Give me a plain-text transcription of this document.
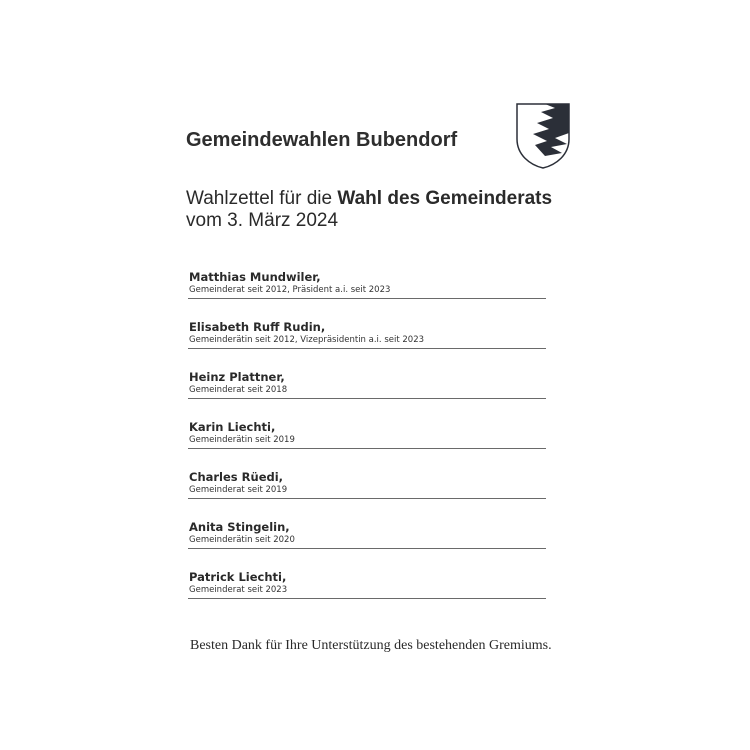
Gemeindewahlen Bubendorf
Wahlzettel für die Wahl des Gemeinderats
vom 3. März 2024
Matthias Mundwiler,
Gemeinderat seit 2012, Präsident a.i. seit 2023
Elisabeth Ruff Rudin,
Gemeinderätin seit 2012, Vizepräsidentin a.i. seit 2023
Heinz Plattner,
Gemeinderat seit 2018
Karin Liechti,
Gemeinderätin seit 2019
Charles Rüedi,
Gemeinderat seit 2019
Anita Stingelin,
Gemeinderätin seit 2020
Patrick Liechti,
Gemeinderat seit 2023

Besten Dank für Ihre Unterstützung des bestehenden Gremiums.
